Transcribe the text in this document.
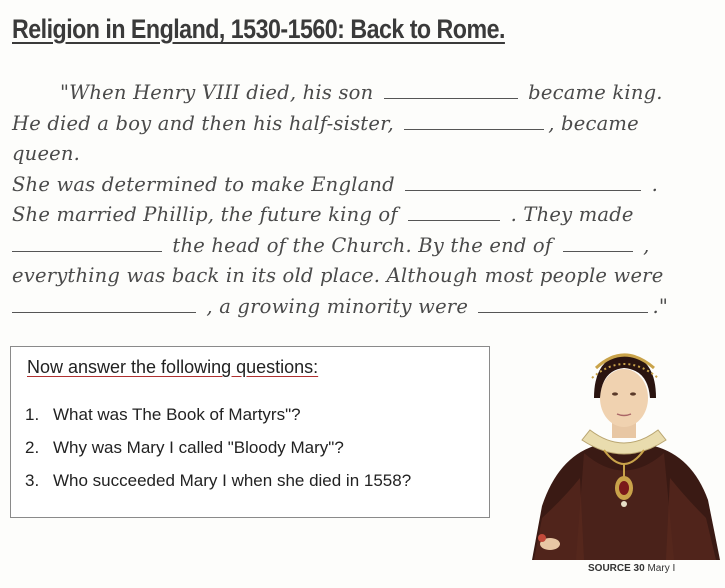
Religion in England, 1530-1560: Back to Rome.
"When Henry VIII died, his son	became king.
He died a boy and then his half-sister,	, became
queen.
She was determined to make England	.
She married Phillip, the future king of	. They made
the head of the Church. By the end of	,
everything was back in its old place. Although most people were
, a growing minority were	."
Now answer the following questions:
1. What was The Book of Martyrs"?
2. Why was Mary I called "Bloody Mary"?
3. Who succeeded Mary I when she died in 1558?
SOURCE 30 Mary I
